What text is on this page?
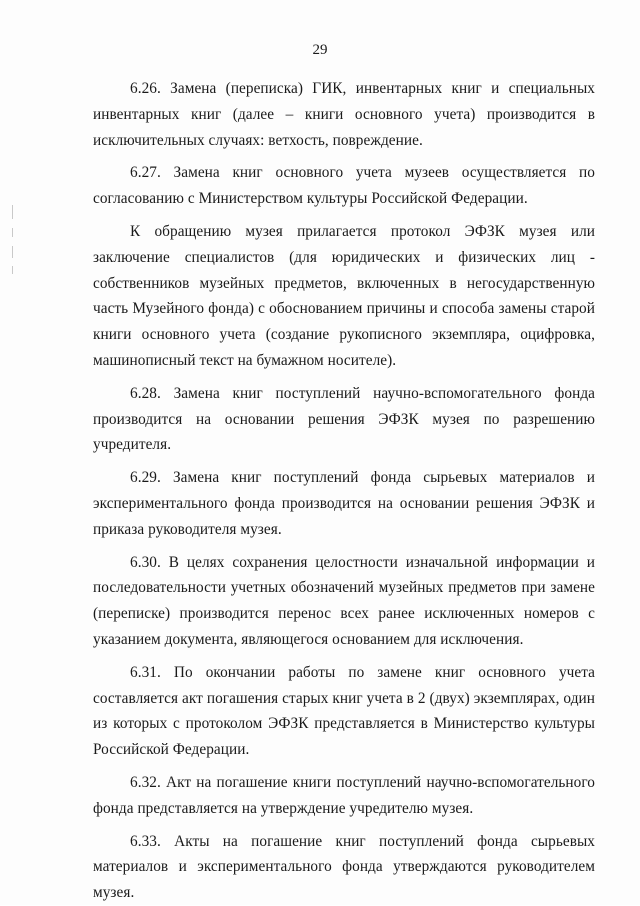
29

6.26. Замена (переписка) ГИК, инвентарных книг и специальных инвентарных книг (далее – книги основного учета) производится в исключительных случаях: ветхость, повреждение.

6.27. Замена книг основного учета музеев осуществляется по согласованию с Министерством культуры Российской Федерации.

К обращению музея прилагается протокол ЭФЗК музея или заключение специалистов (для юридических и физических лиц - собственников музейных предметов, включенных в негосударственную часть Музейного фонда) с обоснованием причины и способа замены старой книги основного учета (создание рукописного экземпляра, оцифровка, машинописный текст на бумажном носителе).

6.28. Замена книг поступлений научно-вспомогательного фонда производится на основании решения ЭФЗК музея по разрешению учредителя.

6.29. Замена книг поступлений фонда сырьевых материалов и экспериментального фонда производится на основании решения ЭФЗК и приказа руководителя музея.

6.30. В целях сохранения целостности изначальной информации и последовательности учетных обозначений музейных предметов при замене (переписке) производится перенос всех ранее исключенных номеров с указанием документа, являющегося основанием для исключения.

6.31. По окончании работы по замене книг основного учета составляется акт погашения старых книг учета в 2 (двух) экземплярах, один из которых с протоколом ЭФЗК представляется в Министерство культуры Российской Федерации.

6.32. Акт на погашение книги поступлений научно-вспомогательного фонда представляется на утверждение учредителю музея.

6.33. Акты на погашение книг поступлений фонда сырьевых материалов и экспериментального фонда утверждаются руководителем музея.
